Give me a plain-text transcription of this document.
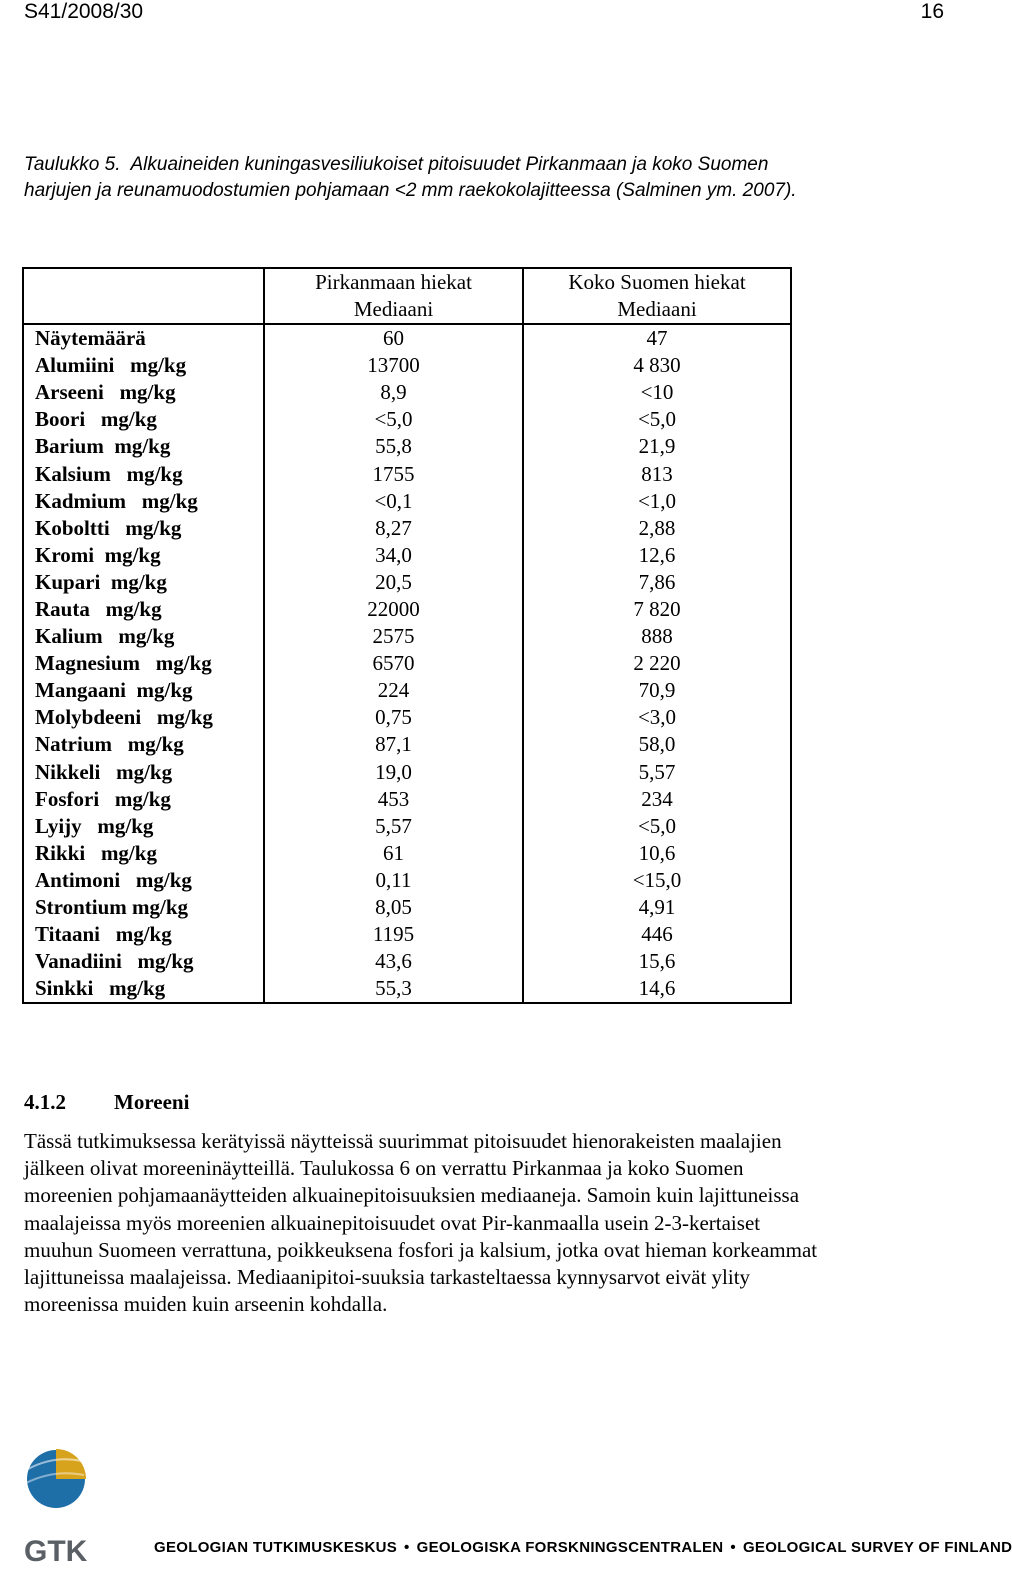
S41/2008/30	16

Taulukko 5. Alkuaineiden kuningasvesiliukoiset pitoisuudet Pirkanmaan ja koko Suomen harjujen ja reunamuodostumien pohjamaan <2 mm raekokolajitteessa (Salminen ym. 2007).

	Pirkanmaan hiekat	Koko Suomen hiekat
	Mediaani	Mediaani
Näytemäärä	60	47
Alumiini   mg/kg	13700	4 830
Arseeni   mg/kg	8,9	<10
Boori   mg/kg	<5,0	<5,0
Barium  mg/kg	55,8	21,9
Kalsium   mg/kg	1755	813
Kadmium   mg/kg	<0,1	<1,0
Koboltti   mg/kg	8,27	2,88
Kromi  mg/kg	34,0	12,6
Kupari  mg/kg	20,5	7,86
Rauta   mg/kg	22000	7 820
Kalium   mg/kg	2575	888
Magnesium   mg/kg	6570	2 220
Mangaani  mg/kg	224	70,9
Molybdeeni   mg/kg	0,75	<3,0
Natrium   mg/kg	87,1	58,0
Nikkeli   mg/kg	19,0	5,57
Fosfori   mg/kg	453	234
Lyijy   mg/kg	5,57	<5,0
Rikki   mg/kg	61	10,6
Antimoni   mg/kg	0,11	<15,0
Strontium mg/kg	8,05	4,91
Titaani   mg/kg	1195	446
Vanadiini   mg/kg	43,6	15,6
Sinkki   mg/kg	55,3	14,6
4.1.2 Moreeni

Tässä tutkimuksessa kerätyissä näytteissä suurimmat pitoisuudet hienorakeisten maalajien jälkeen olivat moreeninäytteillä. Taulukossa 6 on verrattu Pirkanmaa ja koko Suomen moreenien pohjamaanäytteiden alkuainepitoisuuksien mediaaneja. Samoin kuin lajittuneissa maalajeissa myös moreenien alkuainepitoisuudet ovat Pir-kanmaalla usein 2-3-kertaiset muuhun Suomeen verrattuna, poikkeuksena fosfori ja kalsium, jotka ovat hieman korkeammat lajittuneissa maalajeissa. Mediaanipitoi-suuksia tarkasteltaessa kynnysarvot eivät ylity moreenissa muiden kuin arseenin kohdalla.

GTK	GEOLOGIAN TUTKIMUSKESKUS • GEOLOGISKA FORSKNINGSCENTRALEN • GEOLOGICAL SURVEY OF FINLAND
